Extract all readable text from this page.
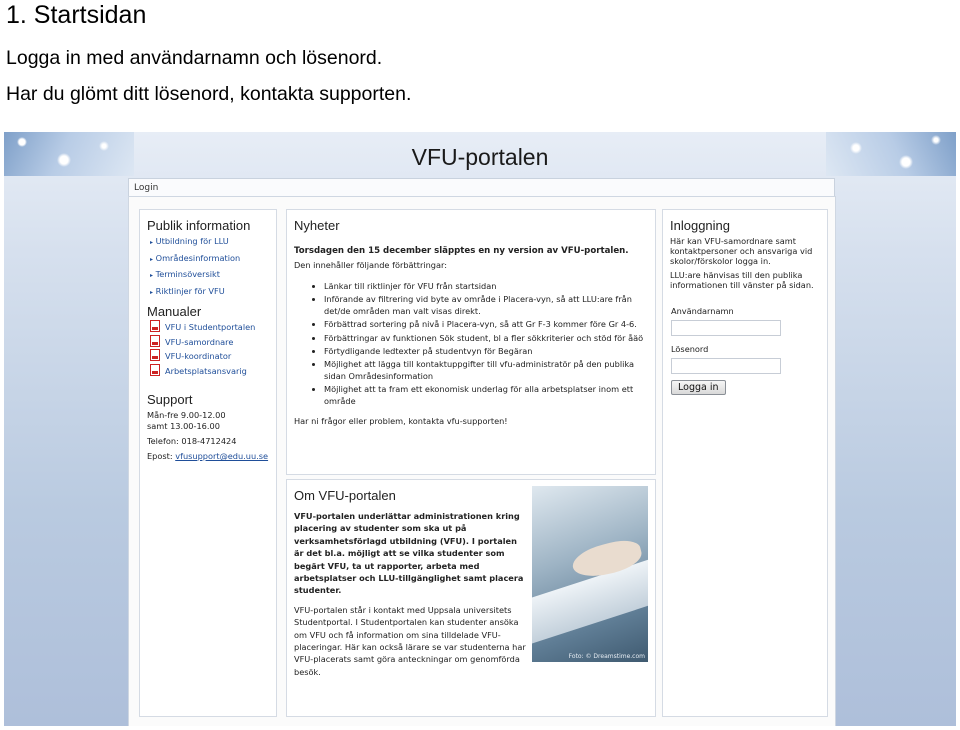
1. Startsidan
Logga in med användarnamn och lösenord.
Har du glömt ditt lösenord, kontakta supporten.
VFU-portalen
Login
Publik information
▸ Utbildning för LLU
▸ Områdesinformation
▸ Terminsöversikt
▸ Riktlinjer för VFU
Manualer
VFU i Studentportalen
VFU-samordnare
VFU-koordinator
Arbetsplatsansvarig
Support
Mån-fre 9.00-12.00
samt 13.00-16.00
Telefon: 018-4712424
Epost: vfusupport@edu.uu.se
Nyheter
Torsdagen den 15 december släpptes en ny version av VFU-portalen.
Den innehåller följande förbättringar:
• Länkar till riktlinjer för VFU från startsidan
• Införande av filtrering vid byte av område i Placera-vyn, så att LLU:are från det/de områden man valt visas direkt.
• Förbättrad sortering på nivå i Placera-vyn, så att Gr F-3 kommer före Gr 4-6.
• Förbättringar av funktionen Sök student, bl a fler sökkriterier och stöd för åäö
• Förtydligande ledtexter på studentvyn för Begäran
• Möjlighet att lägga till kontaktuppgifter till vfu-administratör på den publika sidan Områdesinformation
• Möjlighet att ta fram ett ekonomisk underlag för alla arbetsplatser inom ett område
Har ni frågor eller problem, kontakta vfu-supporten!
Om VFU-portalen
VFU-portalen underlättar administrationen kring placering av studenter som ska ut på verksamhetsförlagd utbildning (VFU). I portalen är det bl.a. möjligt att se vilka studenter som begärt VFU, ta ut rapporter, arbeta med arbetsplatser och LLU-tillgänglighet samt placera studenter.
VFU-portalen står i kontakt med Uppsala universitets Studentportal. I Studentportalen kan studenter ansöka om VFU och få information om sina tilldelade VFU-placeringar. Här kan också lärare se var studenterna har VFU-placerats samt göra anteckningar om genomförda besök.
Foto: © Dreamstime.com
Inloggning
Här kan VFU-samordnare samt kontaktpersoner och ansvariga vid skolor/förskolor logga in.
LLU:are hänvisas till den publika informationen till vänster på sidan.
Användarnamn
Lösenord
Logga in
